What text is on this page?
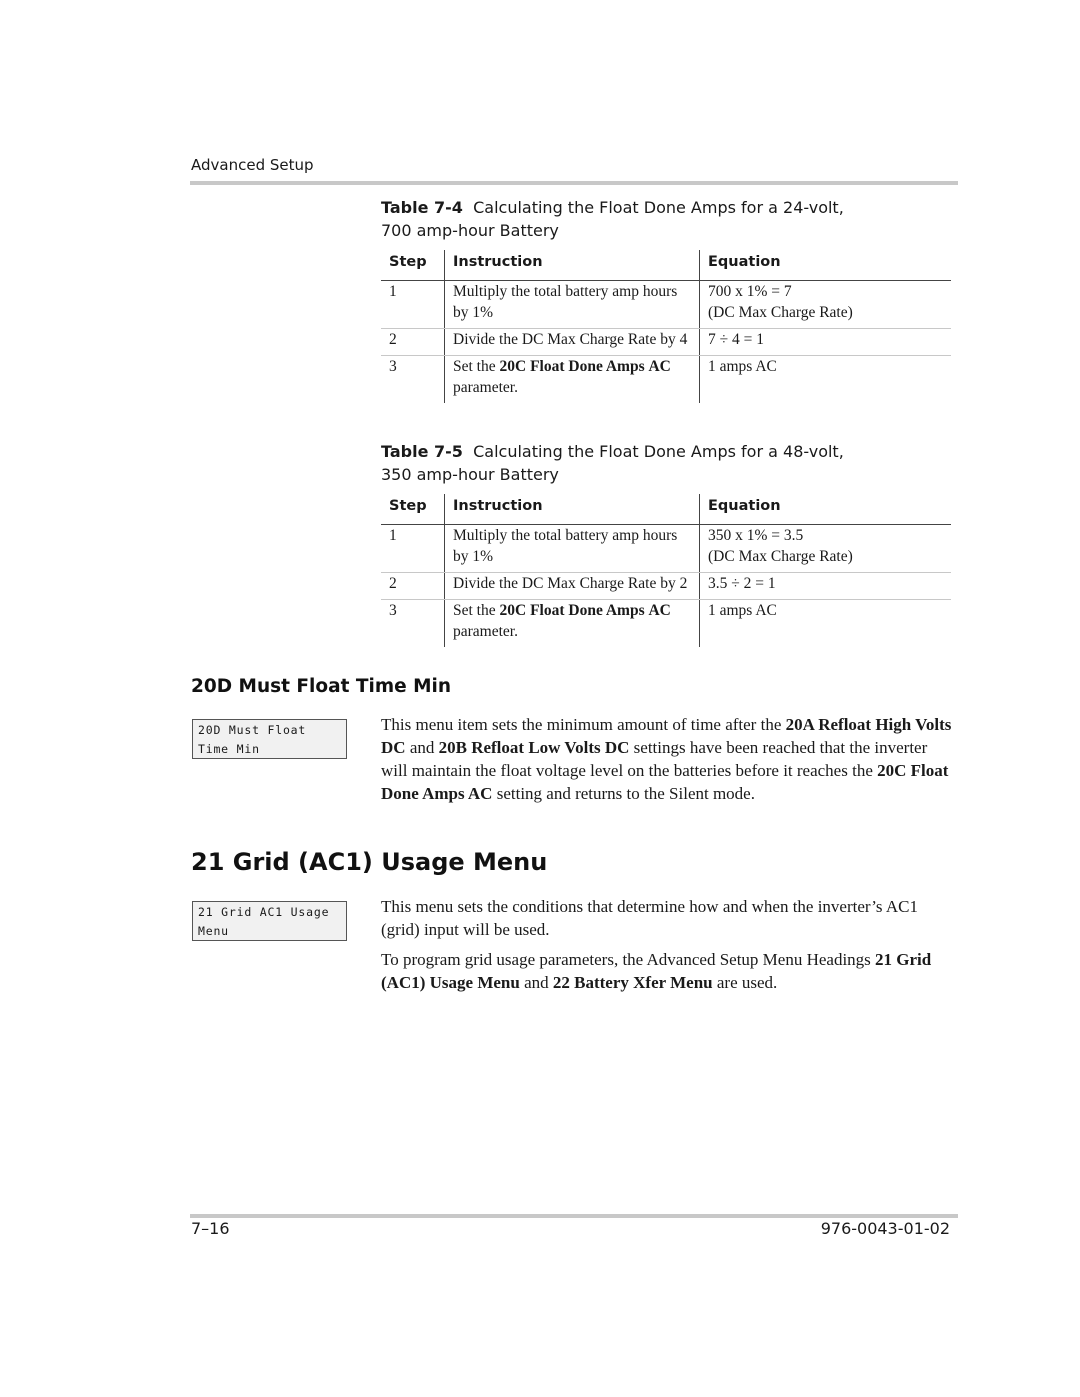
Advanced Setup
Table 7-4 Calculating the Float Done Amps for a 24-volt, 700 amp-hour Battery
Step	Instruction	Equation
1	Multiply the total battery amp hours by 1%	700 x 1% = 7
(DC Max Charge Rate)

2	Divide the DC Max Charge Rate by 4	7 ÷ 4 = 1

3	Set the 20C Float Done Amps AC parameter.	1 amps AC
Table 7-5 Calculating the Float Done Amps for a 48-volt, 350 amp-hour Battery
Step	Instruction	Equation
1	Multiply the total battery amp hours by 1%	350 x 1% = 3.5
(DC Max Charge Rate)

2	Divide the DC Max Charge Rate by 2	3.5 ÷ 2 = 1

3	Set the 20C Float Done Amps AC parameter.	1 amps AC
20D Must Float Time Min
20D Must Float
Time Min
This menu item sets the minimum amount of time after the 20A Refloat High Volts DC and 20B Refloat Low Volts DC settings have been reached that the inverter will maintain the float voltage level on the batteries before it reaches the 20C Float Done Amps AC setting and returns to the Silent mode.
21 Grid (AC1) Usage Menu
21 Grid AC1 Usage
Menu
This menu sets the conditions that determine how and when the inverter’s AC1 (grid) input will be used.
To program grid usage parameters, the Advanced Setup Menu Headings 21 Grid (AC1) Usage Menu and 22 Battery Xfer Menu are used.
7–16	976-0043-01-02
